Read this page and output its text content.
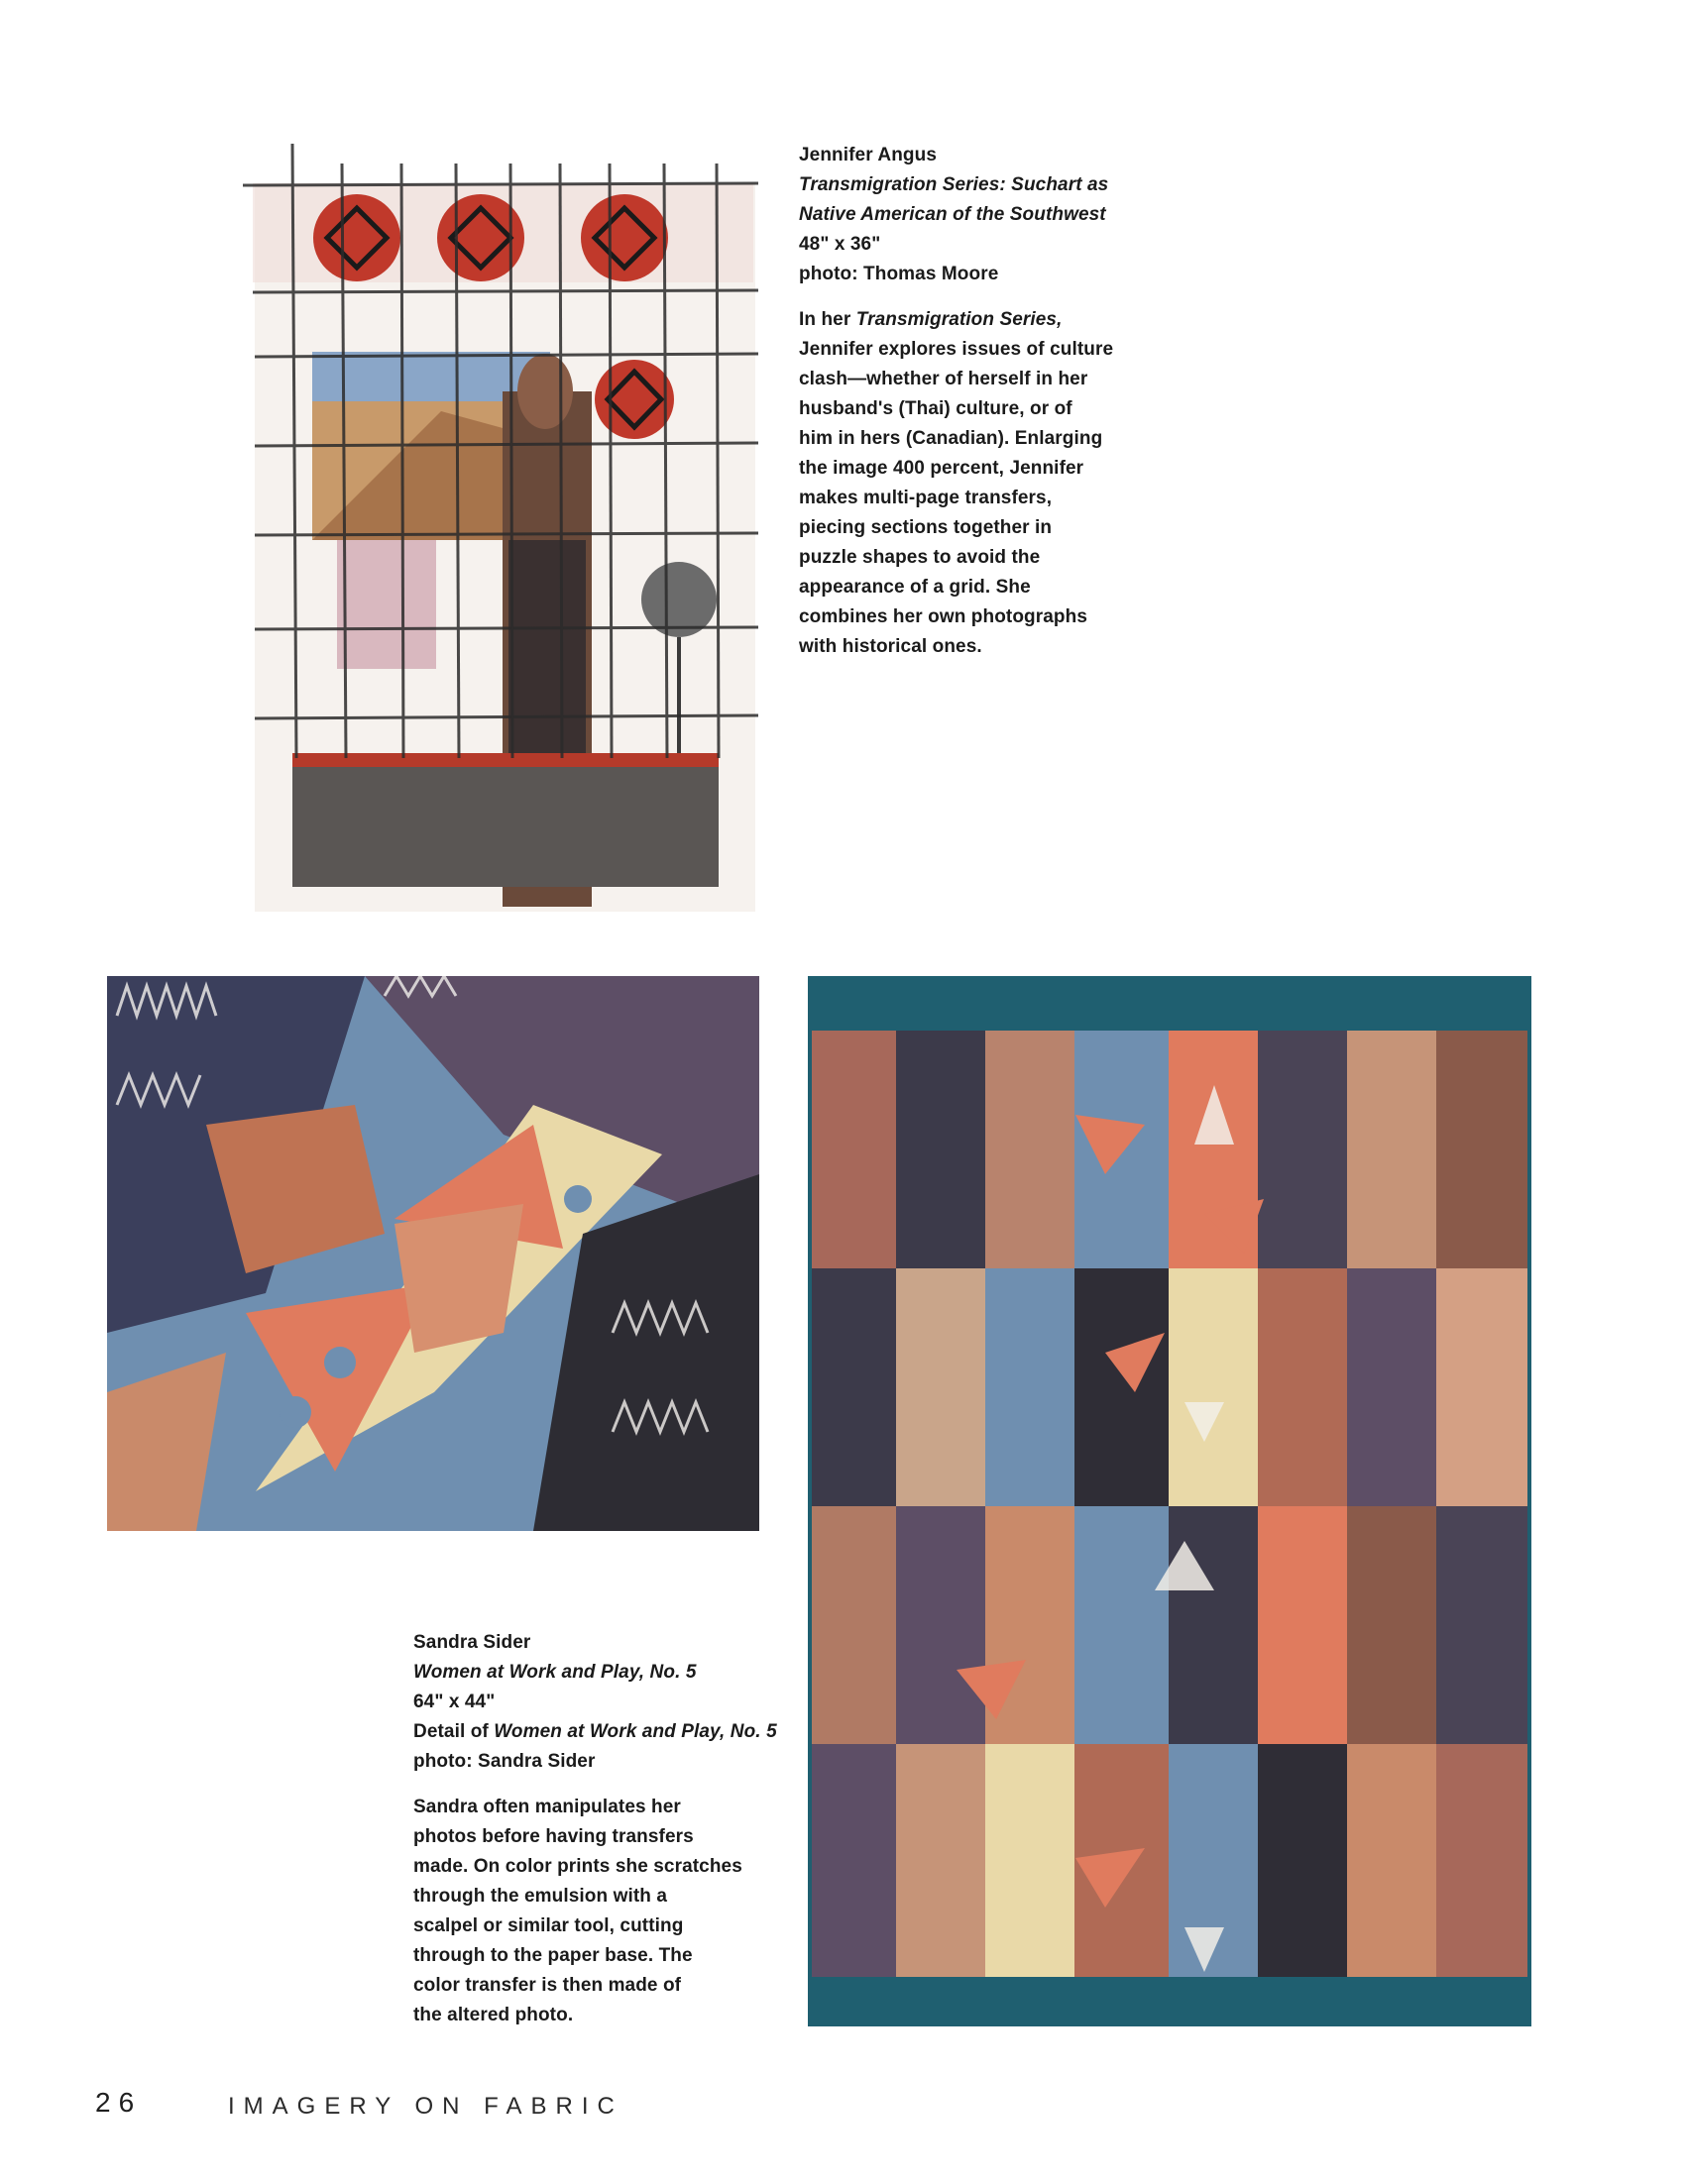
Jennifer Angus
Transmigration Series: Suchart as
Native American of the Southwest
48" x 36"
photo: Thomas Moore
In her Transmigration Series,
Jennifer explores issues of culture
clash—whether of herself in her
husband's (Thai) culture, or of
him in hers (Canadian). Enlarging
the image 400 percent, Jennifer
makes multi-page transfers,
piecing sections together in
puzzle shapes to avoid the
appearance of a grid. She
combines her own photographs
with historical ones.
Sandra Sider
Women at Work and Play, No. 5
64" x 44"
Detail of Women at Work and Play, No. 5
photo: Sandra Sider
Sandra often manipulates her
photos before having transfers
made. On color prints she scratches
through the emulsion with a
scalpel or similar tool, cutting
through to the paper base. The
color transfer is then made of
the altered photo.
26	IMAGERY ON FABRIC
